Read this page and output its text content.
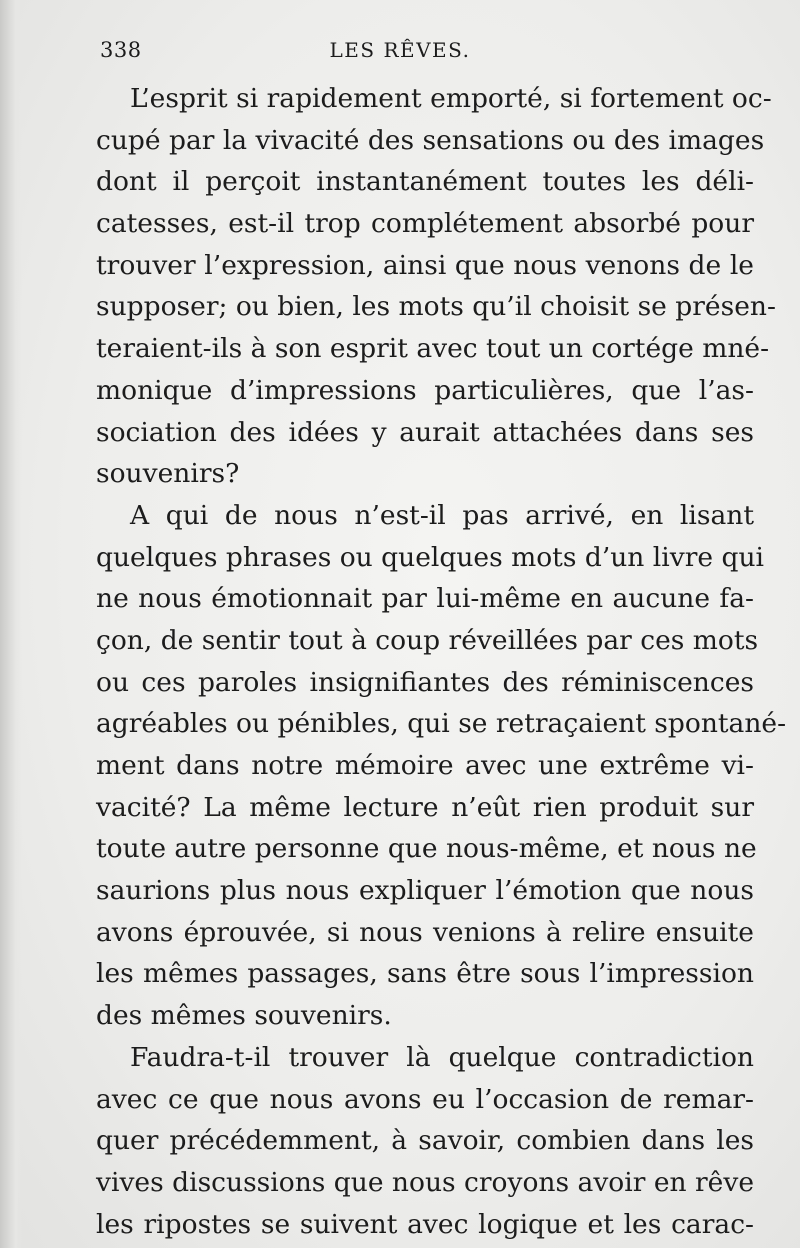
338	LES RÊVES.

L’esprit si rapidement emporté, si fortement oc-
cupé par la vivacité des sensations ou des images
dont il perçoit instantanément toutes les déli-
catesses, est-il trop complétement absorbé pour
trouver l’expression, ainsi que nous venons de le
supposer; ou bien, les mots qu’il choisit se présen-
teraient-ils à son esprit avec tout un cortége mné-
monique d’impressions particulières, que l’as-
sociation des idées y aurait attachées dans ses
souvenirs?

A qui de nous n’est-il pas arrivé, en lisant
quelques phrases ou quelques mots d’un livre qui
ne nous émotionnait par lui-même en aucune fa-
çon, de sentir tout à coup réveillées par ces mots
ou ces paroles insignifiantes des réminiscences
agréables ou pénibles, qui se retraçaient spontané-
ment dans notre mémoire avec une extrême vi-
vacité? La même lecture n’eût rien produit sur
toute autre personne que nous-même, et nous ne
saurions plus nous expliquer l’émotion que nous
avons éprouvée, si nous venions à relire ensuite
les mêmes passages, sans être sous l’impression
des mêmes souvenirs.

Faudra-t-il trouver là quelque contradiction
avec ce que nous avons eu l’occasion de remar-
quer précédemment, à savoir, combien dans les
vives discussions que nous croyons avoir en rêve
les ripostes se suivent avec logique et les carac-
